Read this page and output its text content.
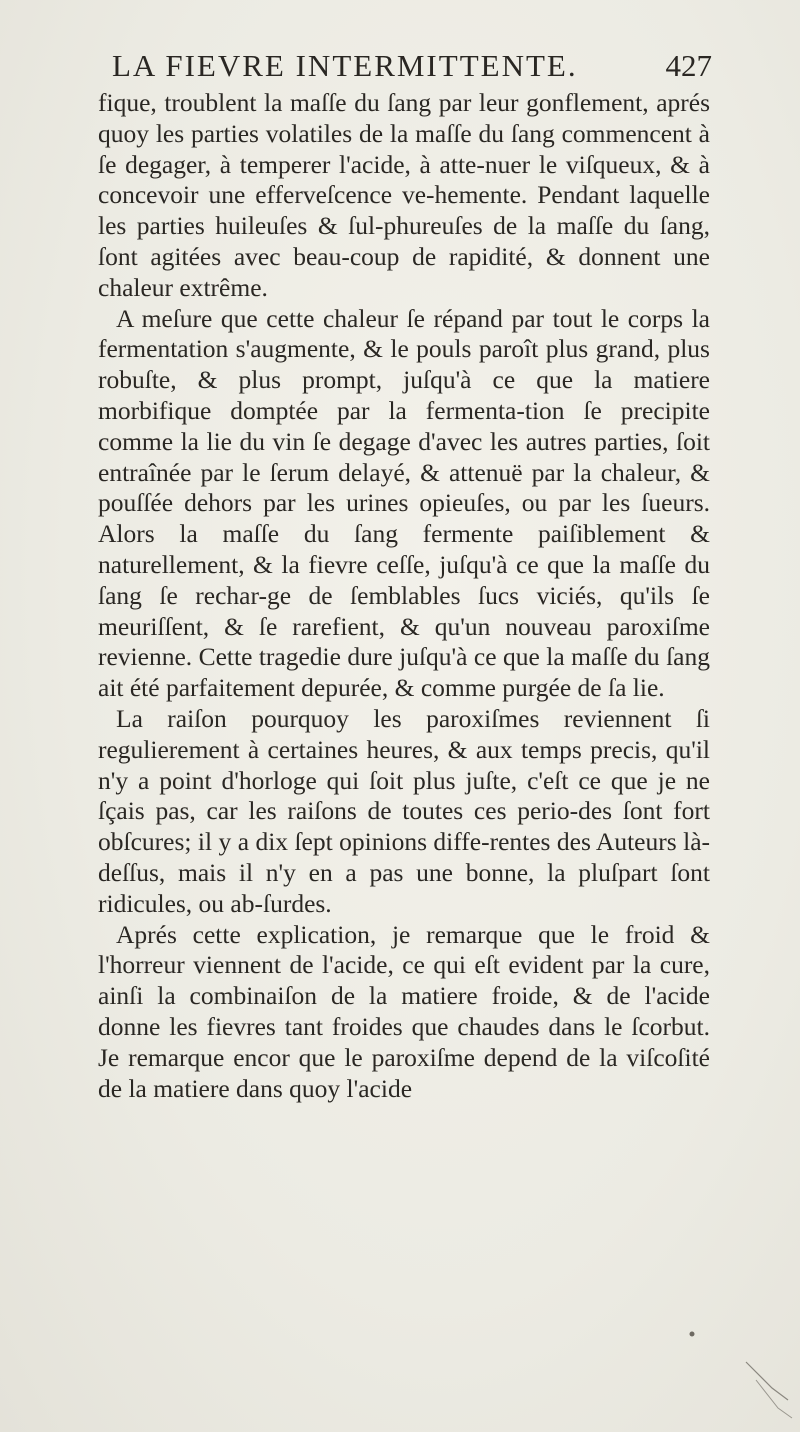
LA FIEVRE INTERMITTENTE.	427

fique, troublent la maſſe du ſang par leur gonflement, aprés quoy les parties volatiles de la maſſe du ſang commencent à ſe degager, à temperer l'acide, à atte-nuer le viſqueux, & à concevoir une efferveſcence ve-hemente. Pendant laquelle les parties huileuſes & ſul-phureuſes de la maſſe du ſang, ſont agitées avec beau-coup de rapidité, & donnent une chaleur extrême.

A meſure que cette chaleur ſe répand par tout le corps la fermentation s'augmente, & le pouls paroît plus grand, plus robuſte, & plus prompt, juſqu'à ce que la matiere morbifique domptée par la fermenta-tion ſe precipite comme la lie du vin ſe degage d'avec les autres parties, ſoit entraînée par le ſerum delayé, & attenuë par la chaleur, & pouſſée dehors par les urines opieuſes, ou par les ſueurs. Alors la maſſe du ſang fermente paiſiblement & naturellement, & la fievre ceſſe, juſqu'à ce que la maſſe du ſang ſe rechar-ge de ſemblables ſucs viciés, qu'ils ſe meuriſſent, & ſe rarefient, & qu'un nouveau paroxiſme revienne. Cette tragedie dure juſqu'à ce que la maſſe du ſang ait été parfaitement depurée, & comme purgée de ſa lie.

La raiſon pourquoy les paroxiſmes reviennent ſi regulierement à certaines heures, & aux temps precis, qu'il n'y a point d'horloge qui ſoit plus juſte, c'eſt ce que je ne ſçais pas, car les raiſons de toutes ces perio-des ſont fort obſcures; il y a dix ſept opinions diffe-rentes des Auteurs là-deſſus, mais il n'y en a pas une bonne, la pluſpart ſont ridicules, ou ab-ſurdes.

Aprés cette explication, je remarque que le froid & l'horreur viennent de l'acide, ce qui eſt evident par la cure, ainſi la combinaiſon de la matiere froide, & de l'acide donne les fievres tant froides que chaudes dans le ſcorbut. Je remarque encor que le paroxiſme depend de la viſcoſité de la matiere dans quoy l'acide
